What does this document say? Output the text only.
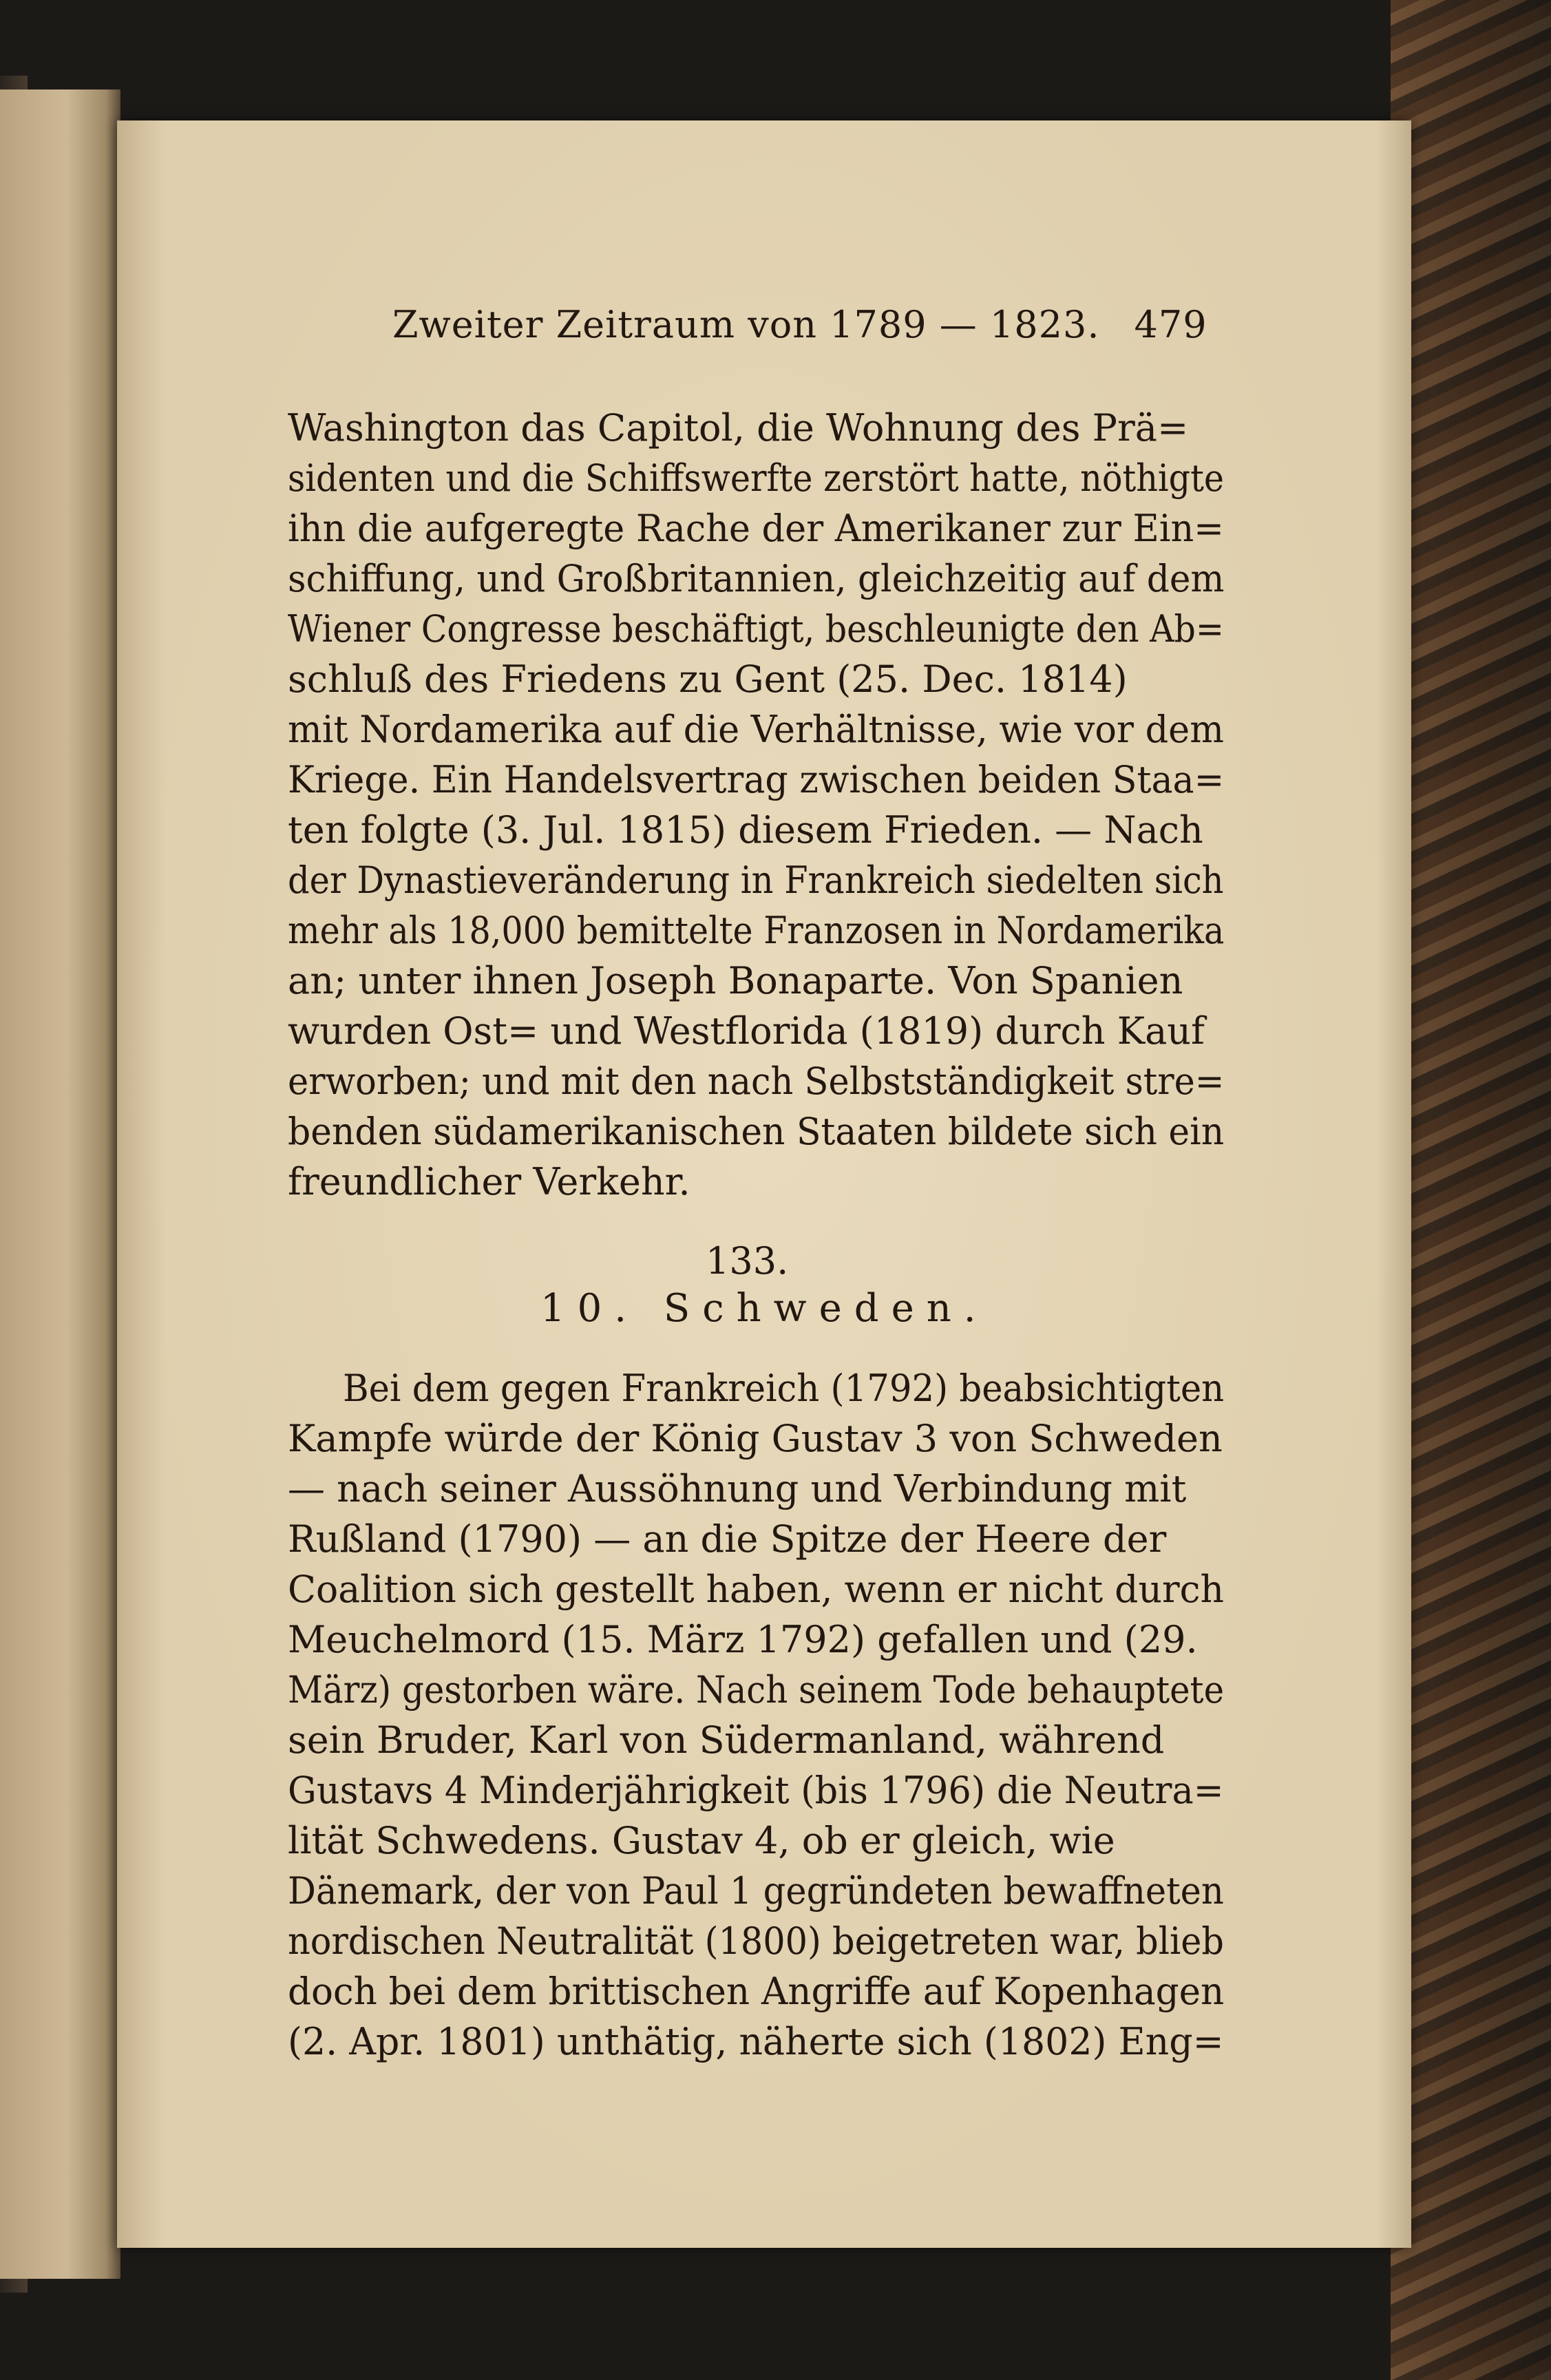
Zweiter Zeitraum von 1789 — 1823. 479
Washington das Capitol, die Wohnung des Prä=
sidenten und die Schiffswerfte zerstört hatte, nöthigte
ihn die aufgeregte Rache der Amerikaner zur Ein=
schiffung, und Großbritannien, gleichzeitig auf dem
Wiener Congresse beschäftigt, beschleunigte den Ab=
schluß des Friedens zu Gent (25. Dec. 1814)
mit Nordamerika auf die Verhältnisse, wie vor dem
Kriege. Ein Handelsvertrag zwischen beiden Staa=
ten folgte (3. Jul. 1815) diesem Frieden. — Nach
der Dynastieveränderung in Frankreich siedelten sich
mehr als 18,000 bemittelte Franzosen in Nordamerika
an; unter ihnen Joseph Bonaparte. Von Spanien
wurden Ost= und Westflorida (1819) durch Kauf
erworben; und mit den nach Selbstständigkeit stre=
benden südamerikanischen Staaten bildete sich ein
freundlicher Verkehr.
133.
10. Schweden.
Bei dem gegen Frankreich (1792) beabsichtigten
Kampfe würde der König Gustav 3 von Schweden
— nach seiner Aussöhnung und Verbindung mit
Rußland (1790) — an die Spitze der Heere der
Coalition sich gestellt haben, wenn er nicht durch
Meuchelmord (15. März 1792) gefallen und (29.
März) gestorben wäre. Nach seinem Tode behauptete
sein Bruder, Karl von Südermanland, während
Gustavs 4 Minderjährigkeit (bis 1796) die Neutra=
lität Schwedens. Gustav 4, ob er gleich, wie
Dänemark, der von Paul 1 gegründeten bewaffneten
nordischen Neutralität (1800) beigetreten war, blieb
doch bei dem brittischen Angriffe auf Kopenhagen
(2. Apr. 1801) unthätig, näherte sich (1802) Eng=
